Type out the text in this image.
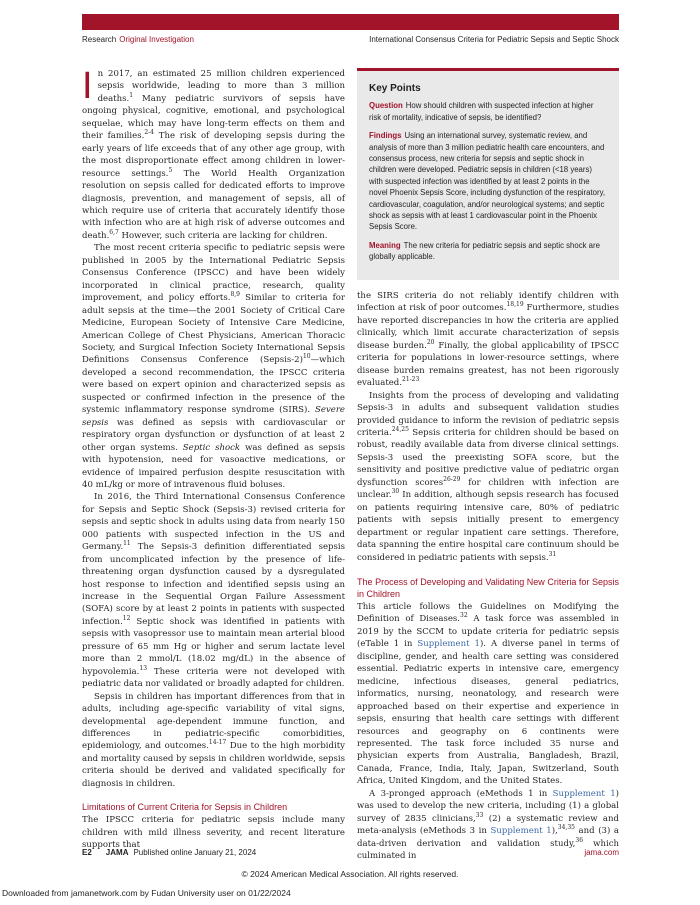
Research Original Investigation	International Consensus Criteria for Pediatric Sepsis and Septic Shock

In 2017, an estimated 25 million children experienced sepsis worldwide, leading to more than 3 million deaths.$^1$ Many pediatric survivors of sepsis have ongoing physical, cognitive, emotional, and psychological sequelae, which may have long-term effects on them and their families.$^{2-4}$ The risk of developing sepsis during the early years of life exceeds that of any other age group, with the most disproportionate effect among children in lower-resource settings.$^5$ The World Health Organization resolution on sepsis called for dedicated efforts to improve diagnosis, prevention, and management of sepsis, all of which require use of criteria that accurately identify those with infection who are at high risk of adverse outcomes and death.$^{6,7}$ However, such criteria are lacking for children.

The most recent criteria specific to pediatric sepsis were published in 2005 by the International Pediatric Sepsis Consensus Conference (IPSCC) and have been widely incorporated in clinical practice, research, quality improvement, and policy efforts.$^{8,9}$ Similar to criteria for adult sepsis at the time—the 2001 Society of Critical Care Medicine, European Society of Intensive Care Medicine, American College of Chest Physicians, American Thoracic Society, and Surgical Infection Society International Sepsis Definitions Consensus Conference (Sepsis-2)$^{10}$—which developed a second recommendation, the IPSCC criteria were based on expert opinion and characterized sepsis as suspected or confirmed infection in the presence of the systemic inflammatory response syndrome (SIRS). Severe sepsis was defined as sepsis with cardiovascular or respiratory organ dysfunction or dysfunction of at least 2 other organ systems. Septic shock was defined as sepsis with hypotension, need for vasoactive medications, or evidence of impaired perfusion despite resuscitation with 40 mL/kg or more of intravenous fluid boluses.

In 2016, the Third International Consensus Conference for Sepsis and Septic Shock (Sepsis-3) revised criteria for sepsis and septic shock in adults using data from nearly 150 000 patients with suspected infection in the US and Germany.$^{11}$ The Sepsis-3 definition differentiated sepsis from uncomplicated infection by the presence of life-threatening organ dysfunction caused by a dysregulated host response to infection and identified sepsis using an increase in the Sequential Organ Failure Assessment (SOFA) score by at least 2 points in patients with suspected infection.$^{12}$ Septic shock was identified in patients with sepsis with vasopressor use to maintain mean arterial blood pressure of 65 mm Hg or higher and serum lactate level more than 2 mmol/L (18.02 mg/dL) in the absence of hypovolemia.$^{13}$ These criteria were not developed with pediatric data nor validated or broadly adapted for children.

Sepsis in children has important differences from that in adults, including age-specific variability of vital signs, developmental age-dependent immune function, and differences in pediatric-specific comorbidities, epidemiology, and outcomes.$^{14-17}$ Due to the high morbidity and mortality caused by sepsis in children worldwide, sepsis criteria should be derived and validated specifically for diagnosis in children.

Limitations of Current Criteria for Sepsis in Children

The IPSCC criteria for pediatric sepsis include many children with mild illness severity, and recent literature supports that

Key Points

Question How should children with suspected infection at higher risk of mortality, indicative of sepsis, be identified?

Findings Using an international survey, systematic review, and analysis of more than 3 million pediatric health care encounters, and consensus process, new criteria for sepsis and septic shock in children were developed. Pediatric sepsis in children (<18 years) with suspected infection was identified by at least 2 points in the novel Phoenix Sepsis Score, including dysfunction of the respiratory, cardiovascular, coagulation, and/or neurological systems; and septic shock as sepsis with at least 1 cardiovascular point in the Phoenix Sepsis Score.

Meaning The new criteria for pediatric sepsis and septic shock are globally applicable.

the SIRS criteria do not reliably identify children with infection at risk of poor outcomes.$^{18,19}$ Furthermore, studies have reported discrepancies in how the criteria are applied clinically, which limit accurate characterization of sepsis disease burden.$^{20}$ Finally, the global applicability of IPSCC criteria for populations in lower-resource settings, where disease burden remains greatest, has not been rigorously evaluated.$^{21-23}$

Insights from the process of developing and validating Sepsis-3 in adults and subsequent validation studies provided guidance to inform the revision of pediatric sepsis criteria.$^{24,25}$ Sepsis criteria for children should be based on robust, readily available data from diverse clinical settings. Sepsis-3 used the preexisting SOFA score, but the sensitivity and positive predictive value of pediatric organ dysfunction scores$^{26-29}$ for children with infection are unclear.$^{30}$ In addition, although sepsis research has focused on patients requiring intensive care, 80% of pediatric patients with sepsis initially present to emergency department or regular inpatient care settings. Therefore, data spanning the entire hospital care continuum should be considered in pediatric patients with sepsis.$^{31}$

The Process of Developing and Validating New Criteria for Sepsis in Children

This article follows the Guidelines on Modifying the Definition of Diseases.$^{32}$ A task force was assembled in 2019 by the SCCM to update criteria for pediatric sepsis (eTable 1 in Supplement 1). A diverse panel in terms of discipline, gender, and health care setting was considered essential. Pediatric experts in intensive care, emergency medicine, infectious diseases, general pediatrics, informatics, nursing, neonatology, and research were approached based on their expertise and experience in sepsis, ensuring that health care settings with different resources and geography on 6 continents were represented. The task force included 35 nurse and physician experts from Australia, Bangladesh, Brazil, Canada, France, India, Italy, Japan, Switzerland, South Africa, United Kingdom, and the United States.

A 3-pronged approach (eMethods 1 in Supplement 1) was used to develop the new criteria, including (1) a global survey of 2835 clinicians,$^{33}$ (2) a systematic review and meta-analysis (eMethods 3 in Supplement 1),$^{34,35}$ and (3) a data-driven derivation and validation study,$^{36}$ which culminated in

E2 JAMA Published online January 21, 2024	jama.com
© 2024 American Medical Association. All rights reserved.
Downloaded from jamanetwork.com by Fudan University user on 01/22/2024
